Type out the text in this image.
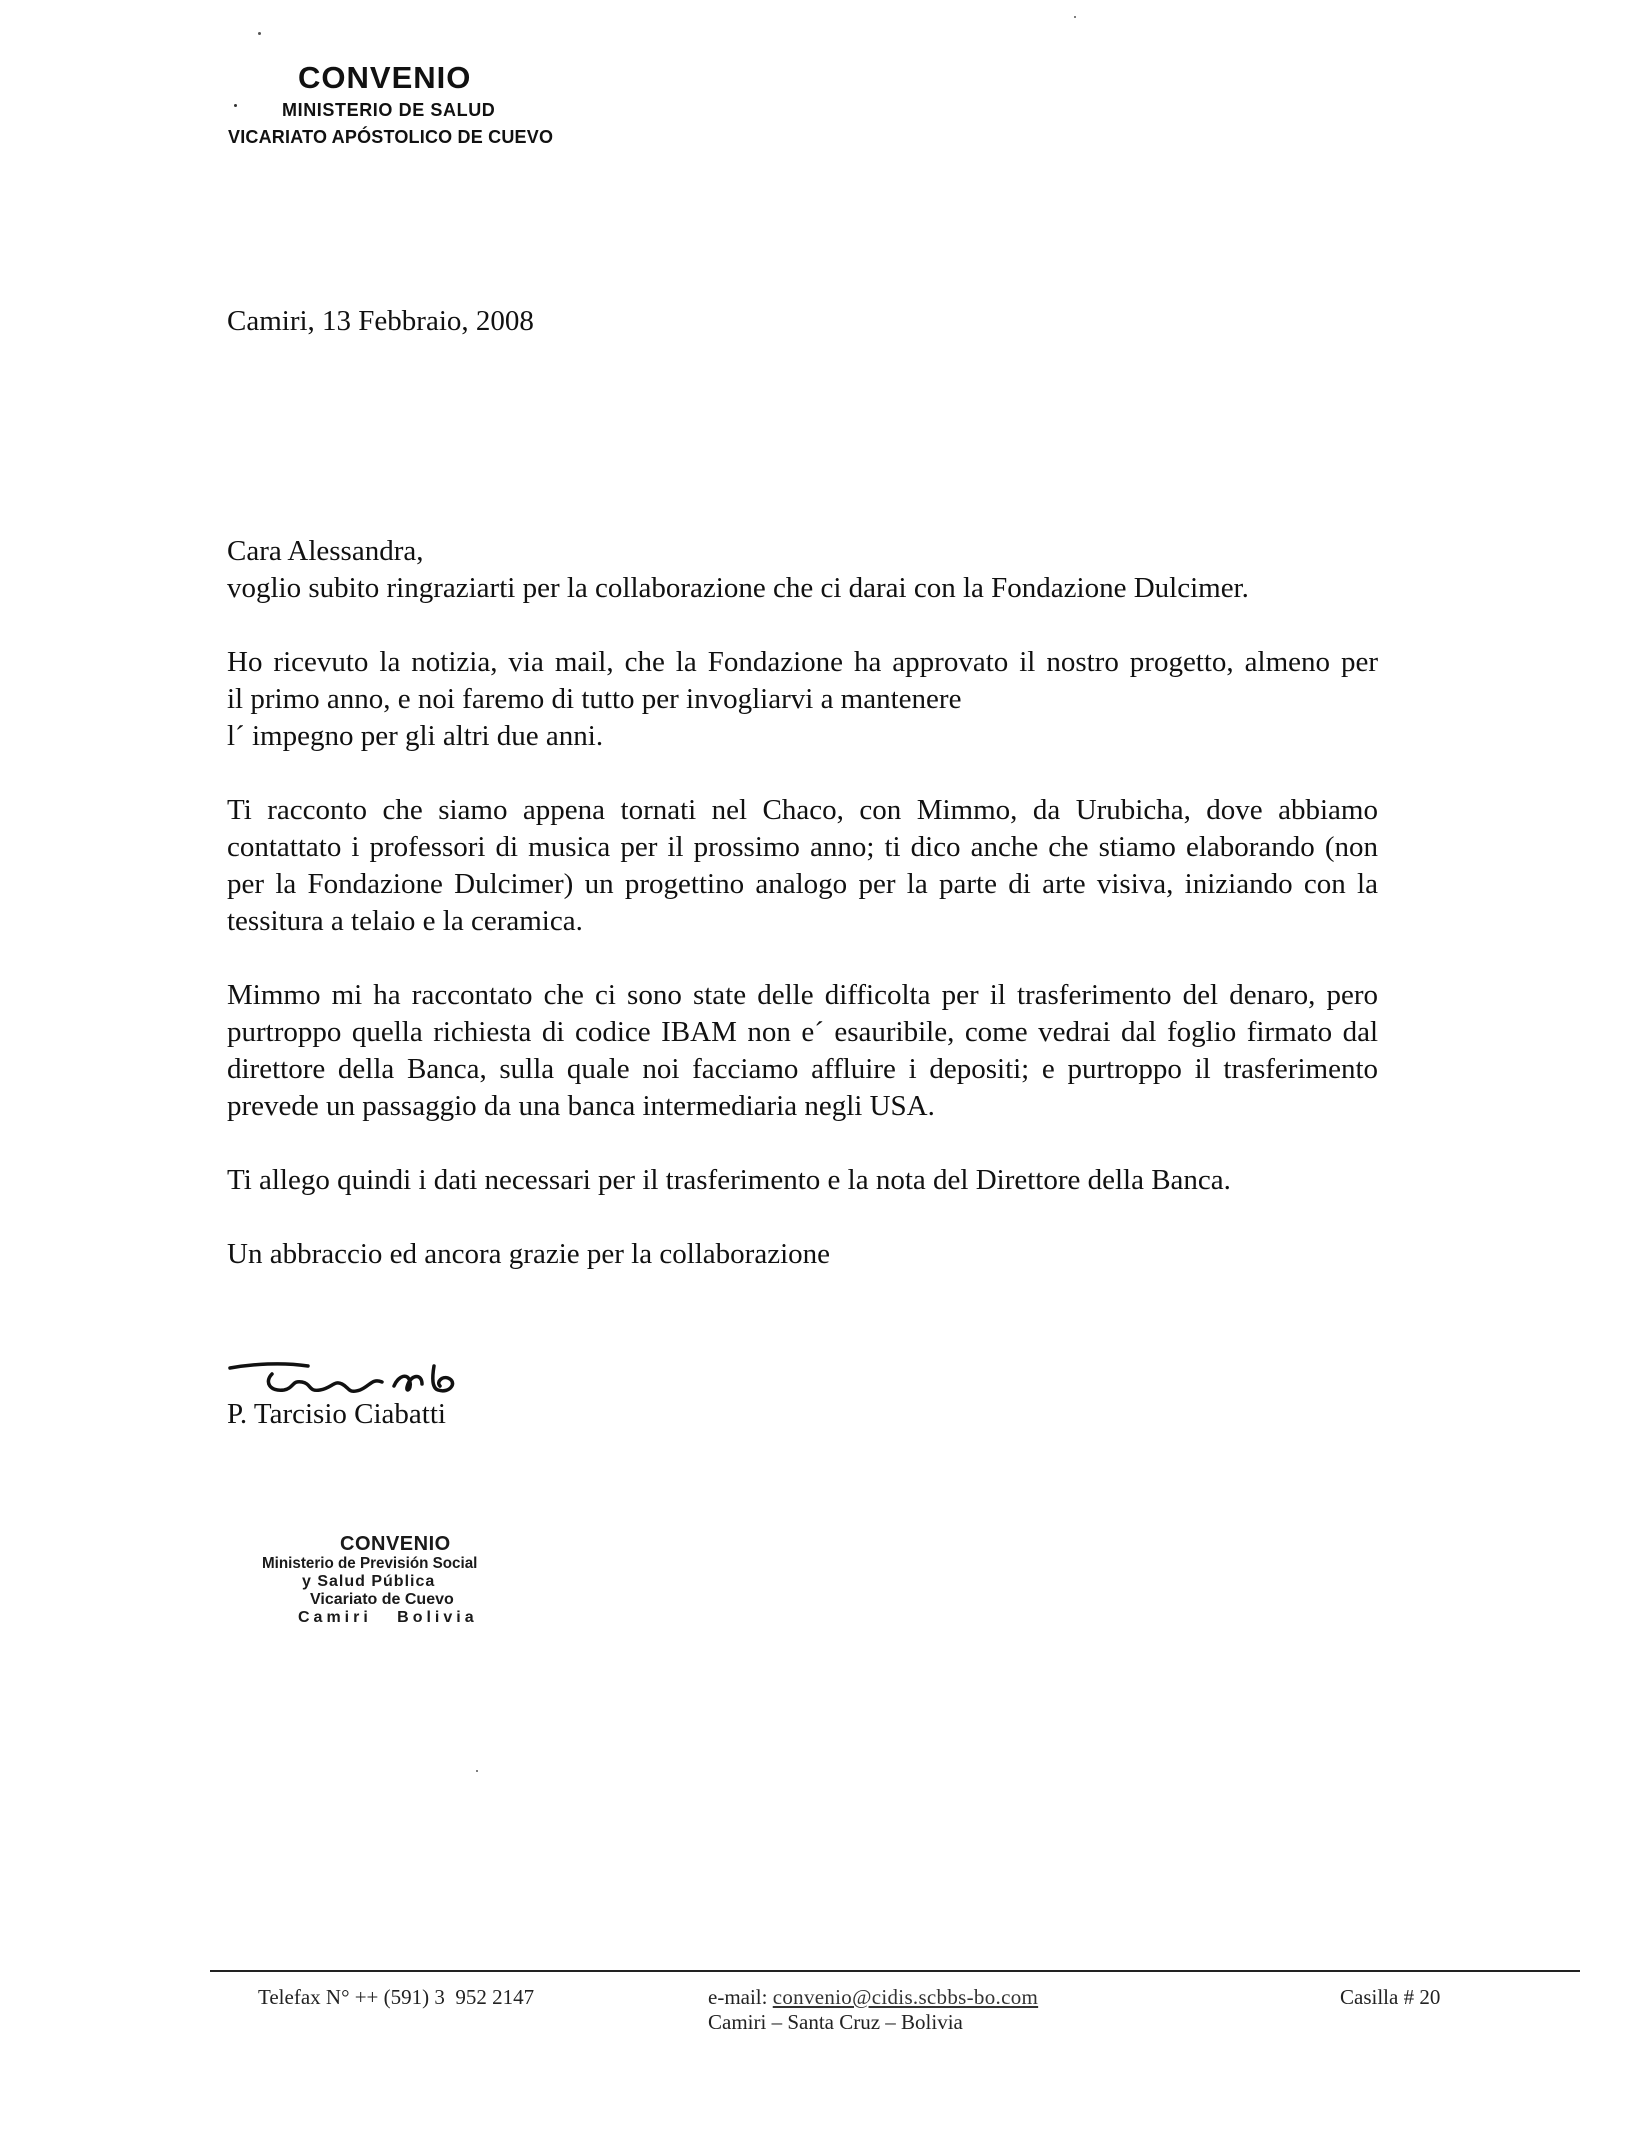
CONVENIO
MINISTERIO DE SALUD
VICARIATO APÓSTOLICO DE CUEVO
Camiri, 13 Febbraio, 2008

Cara Alessandra,

voglio subito ringraziarti per la collaborazione che ci darai con la Fondazione Dulcimer.

Ho ricevuto la notizia, via mail, che la Fondazione ha approvato il nostro progetto, almeno per
il primo anno, e noi faremo di tutto per invogliarvi a mantenere
l´ impegno per gli altri due anni.

Ti racconto che siamo appena tornati nel Chaco, con Mimmo, da Urubicha, dove abbiamo contattato i professori di musica per il prossimo anno; ti dico anche che stiamo elaborando (non per la Fondazione Dulcimer) un progettino analogo per la parte di arte visiva, iniziando con la tessitura a telaio e la ceramica.

Mimmo mi ha raccontato che ci sono state delle difficolta per il trasferimento del denaro, pero purtroppo quella richiesta di codice IBAM non e´ esauribile, come vedrai dal foglio firmato dal direttore della Banca, sulla quale noi facciamo affluire i depositi; e purtroppo il trasferimento prevede un passaggio da una banca intermediaria negli USA.

Ti allego quindi i dati necessari per il trasferimento e la nota del Direttore della Banca.

Un abbraccio ed ancora grazie per la collaborazione

P. Tarcisio Ciabatti
CONVENIO
Ministerio de Previsión Social
y Salud Pública
Vicariato de Cuevo
Camiri   Bolivia
Telefax N° ++ (591) 3  952 2147	e-mail: convenio@cidis.scbbs-bo.com
Camiri – Santa Cruz – Bolivia
Casilla # 20
